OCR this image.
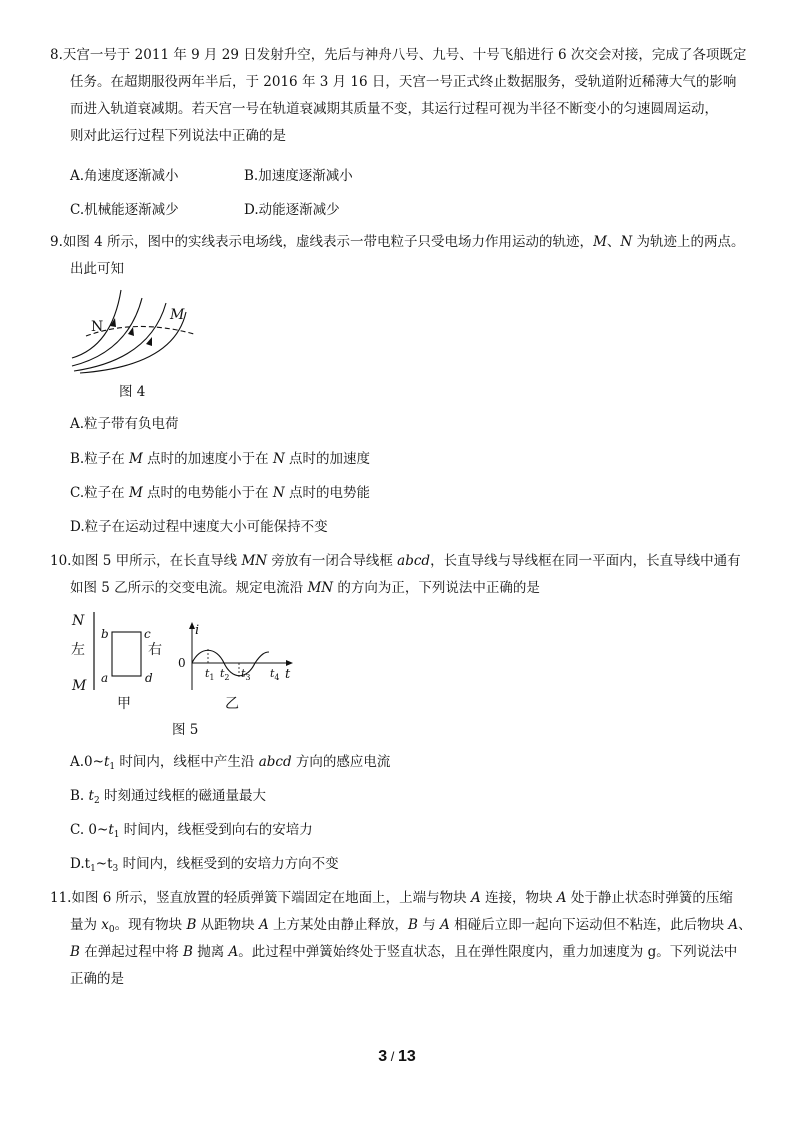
8.天宫一号于 2011 年 9 月 29 日发射升空，先后与神舟八号、九号、十号飞船进行 6 次交会对接，完成了各项既定
任务。在超期服役两年半后，于 2016 年 3 月 16 日，天宫一号正式终止数据服务，受轨道附近稀薄大气的影响
而进入轨道衰减期。若天宫一号在轨道衰减期其质量不变，其运行过程可视为半径不断变小的匀速圆周运动，
则对此运行过程下列说法中正确的是
A.角速度逐渐减小	B.加速度逐渐减小
C.机械能逐渐减少	D.动能逐渐减少
9.如图 4 所示，图中的实线表示电场线，虚线表示一带电粒子只受电场力作用运动的轨迹，M、N 为轨迹上的两点。
出此可知
N
M
图 4
A.粒子带有负电荷
B.粒子在 M 点时的加速度小于在 N 点时的加速度
C.粒子在 M 点时的电势能小于在 N 点时的电势能
D.粒子在运动过程中速度大小可能保持不变
10.如图 5 甲所示，在长直导线 MN 旁放有一闭合导线框 abcd，长直导线与导线框在同一平面内，长直导线中通有
如图 5 乙所示的交变电流。规定电流沿 MN 的方向为正，下列说法中正确的是
N
左
M
b	c
a	d
右
甲
i
0
t
$t_1$ $t_2$ $t_3$ $t_4$
乙
图 5
$A.0\sim t_1$ 时间内，线框中产生沿 abcd 方向的感应电流
B. $t_2$ 时刻通过线框的磁通量最大
C. $0\sim t_1$ 时间内，线框受到向右的安培力
$D.t_1\sim t_3$ 时间内，线框受到的安培力方向不变
11.如图 6 所示，竖直放置的轻质弹簧下端固定在地面上，上端与物块 A 连接，物块 A 处于静止状态时弹簧的压缩
量为 $x_0$。现有物块 B 从距物块 A 上方某处由静止释放，B 与 A 相碰后立即一起向下运动但不粘连，此后物块 A、
B 在弹起过程中将 B 抛离 A。此过程中弹簧始终处于竖直状态，且在弹性限度内，重力加速度为 g。下列说法中
正确的是
3 / 13
